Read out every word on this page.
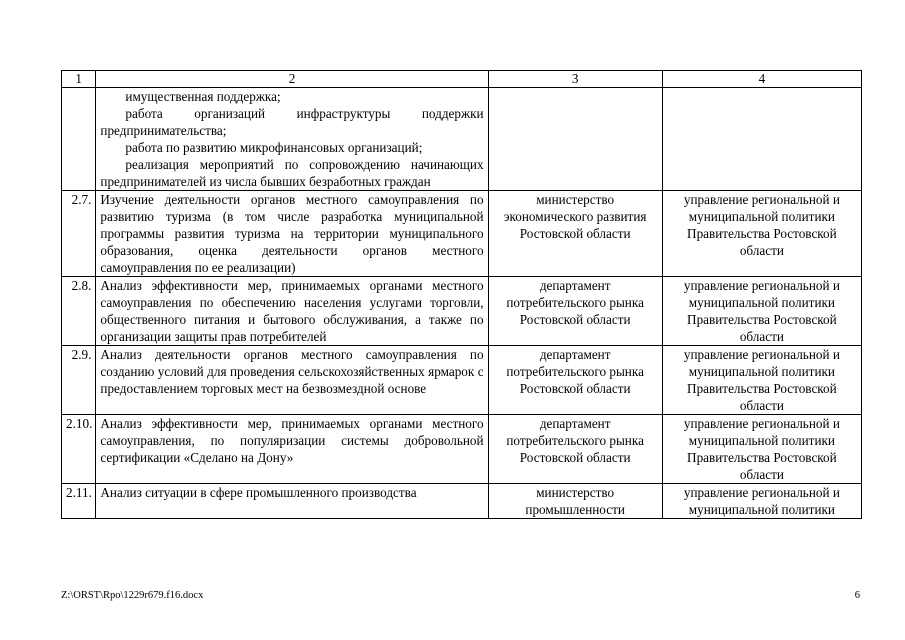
1	2	3	4

	имущественная поддержка;
работа организаций инфраструктуры поддержки предпринимательства;
работа по развитию микрофинансовых организаций;
реализация мероприятий по сопровождению начинающих предпринимателей из числа бывших безработных граждан		

2.7.	Изучение деятельности органов местного самоуправления по развитию туризма (в том числе разработка муниципальной программы развития туризма на территории муниципального образования, оценка деятельности органов местного самоуправления по ее реализации)	министерство экономического развития Ростовской области	управление региональной и муниципальной политики Правительства Ростовской области
2.8.	Анализ эффективности мер, принимаемых органами местного самоуправления по обеспечению населения услугами торговли, общественного питания и бытового обслуживания, а также по организации защиты прав потребителей	департамент потребительского рынка Ростовской области	управление региональной и муниципальной политики Правительства Ростовской области
2.9.	Анализ деятельности органов местного самоуправления по созданию условий для проведения сельскохозяйственных ярмарок с предоставлением торговых мест на безвозмездной основе	департамент потребительского рынка Ростовской области	управление региональной и муниципальной политики Правительства Ростовской области
2.10.	Анализ эффективности мер, принимаемых органами местного самоуправления, по популяризации системы добровольной сертификации «Сделано на Дону»	департамент потребительского рынка Ростовской области	управление региональной и муниципальной политики Правительства Ростовской области
2.11.	Анализ ситуации в сфере промышленного производства	министерство промышленности	управление региональной и муниципальной политики
Z:\ORST\Rpo\1229r679.f16.docx	6
